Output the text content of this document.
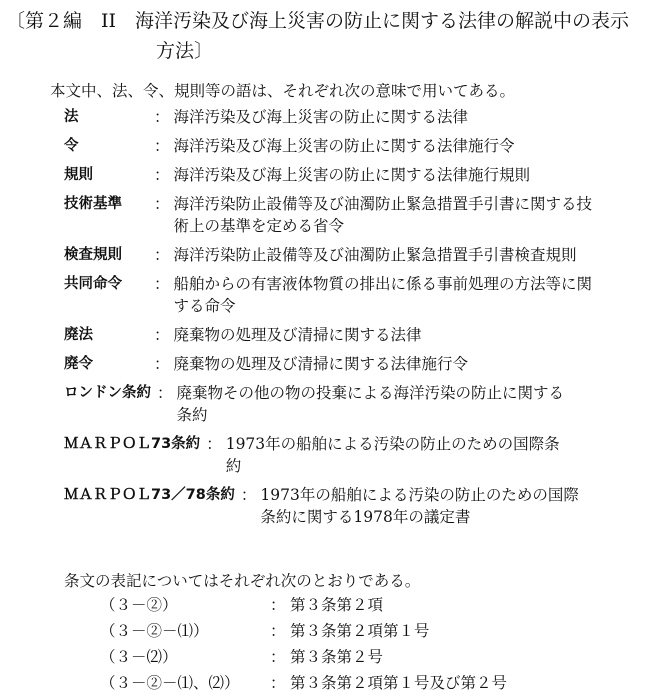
〔第２編　II　海洋汚染及び海上災害の防止に関する法律の解説中の表示
方法〕
本文中、法、令、規則等の語は、それぞれ次の意味で用いてある。
法	： 海洋汚染及び海上災害の防止に関する法律
令	： 海洋汚染及び海上災害の防止に関する法律施行令
規則	： 海洋汚染及び海上災害の防止に関する法律施行規則
技術基準	： 海洋汚染防止設備等及び油濁防止緊急措置手引書に関する技術上の基準を定める省令
検査規則	： 海洋汚染防止設備等及び油濁防止緊急措置手引書検査規則
共同命令	： 船舶からの有害液体物質の排出に係る事前処理の方法等に関する命令
廃法	： 廃棄物の処理及び清掃に関する法律
廃令	： 廃棄物の処理及び清掃に関する法律施行令
ロンドン条約 ： 廃棄物その他の物の投棄による海洋汚染の防止に関する条約
ＭＡＲＰＯＬ73条約 ： 1973年の船舶による汚染の防止のための国際条約
ＭＡＲＰＯＬ73／78条約 ： 1973年の船舶による汚染の防止のための国際条約に関する1978年の議定書
条文の表記についてはそれぞれ次のとおりである。
（３－②）	： 第３条第２項
（３－②－⑴）	： 第３条第２項第１号
（３－⑵）	： 第３条第２号
（３－②－⑴、⑵）	： 第３条第２項第１号及び第２号
